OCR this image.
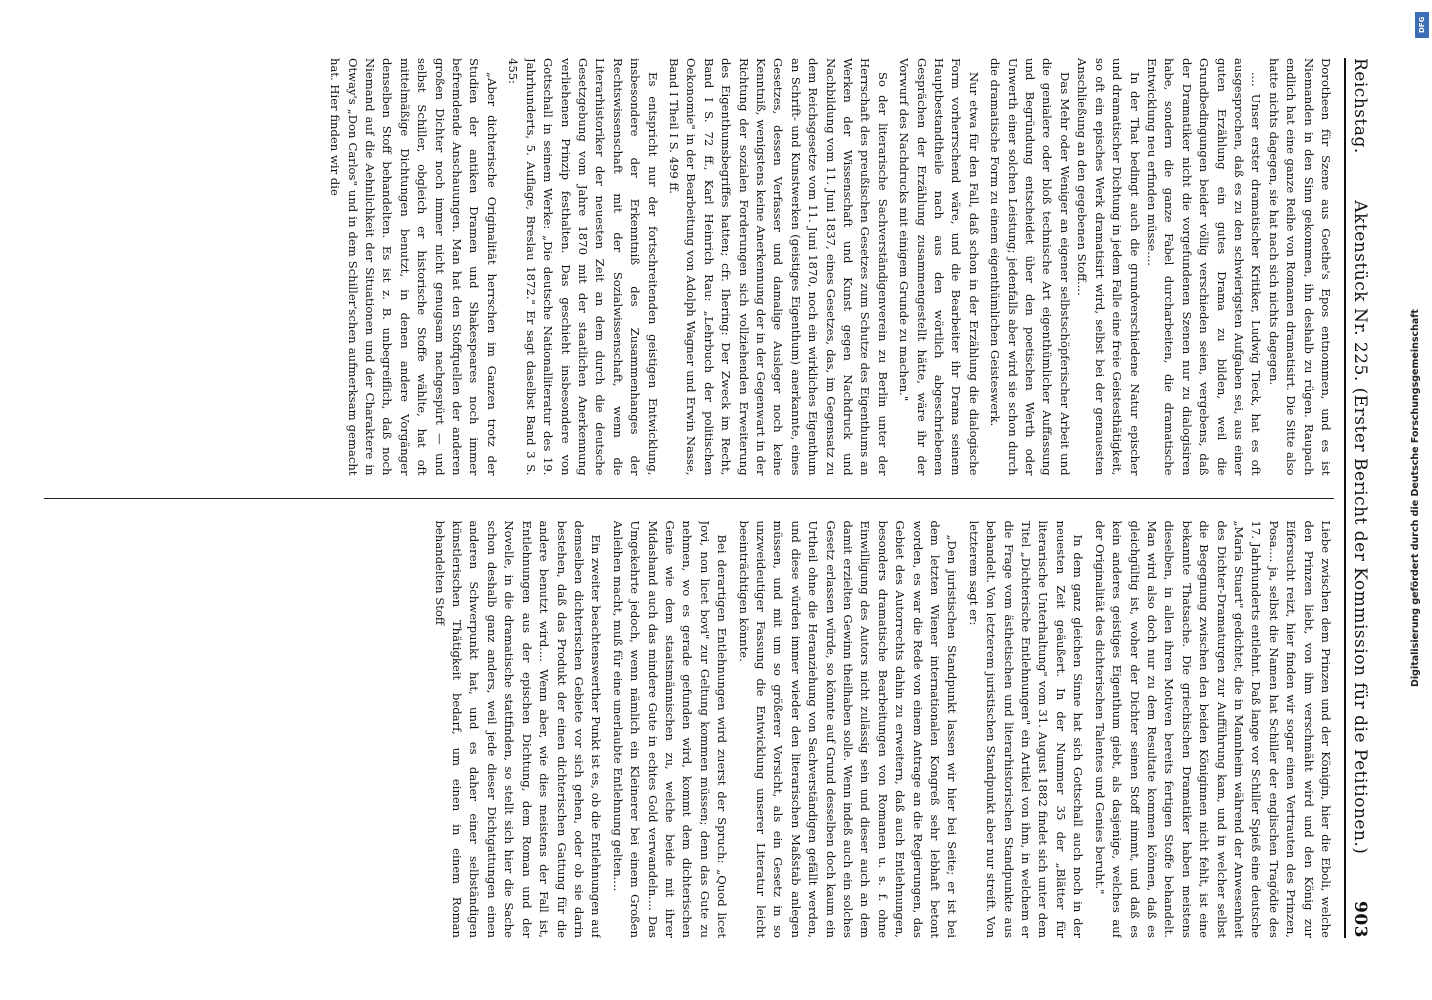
Reichstag.
Aktenstück Nr. 225. (Erster Bericht der Kommission für die Petitionen.)
903

Dorotheen für Szene aus Goethe's Epos entnommen, und es ist Niemanden in den Sinn gekommen, ihn deshalb zu rügen. Raupach endlich hat eine ganze Reihe von Romanen dramatisirt. Die Sitte also hatte nichts dagegen, sie hat nach sich nichts dagegen.

.... Unser erster dramatischer Kritiker, Ludwig Tieck, hat es oft ausgesprochen, daß es zu den schwierigsten Aufgaben sei, aus einer guten Erzählung ein gutes Drama zu bilden, weil die Grundbedingungen beider völlig verschieden seien, vergebens, daß der Dramatiker nicht die vorgefundenen Szenen nur zu dialogisiren habe, sondern die ganze Fabel durcharbeiten, die dramatische Entwicklung neu erfinden müsse....

In der That bedingt auch die grundverschiedene Natur epischer und dramatischer Dichtung in jedem Falle eine freie Geistesthätigkeit, so oft ein episches Werk dramatisirt wird, selbst bei der genauesten Anschließung an den gegebenen Stoff....

Das Mehr oder Weniger an eigener selbstschöpferischer Arbeit und die genialere oder bloß technische Art eigenthümlicher Auffassung und Begründung entscheidet über den poetischen Werth oder Unwerth einer solchen Leistung; jedenfalls aber wird sie schon durch die dramatische Form zu einem eigenthümlichen Geisteswerk.

Nur etwa für den Fall, daß schon in der Erzählung die dialogische Form vorherrschend wäre, und die Bearbeiter ihr Drama seinem Hauptbestandtheile nach aus den wörtlich abgeschriebenen Gesprächen der Erzählung zusammengestellt hätte, wäre ihr der Vorwurf des Nachdrucks mit einigem Grunde zu machen."

So der literarische Sachverständigenverein zu Berlin unter der Herrschaft des preußischen Gesetzes zum Schutze des Eigenthums an Werken der Wissenschaft und Kunst gegen Nachdruck und Nachbildung vom 11. Juni 1837, eines Gesetzes, das, im Gegensatz zu dem Reichsgesetze vom 11. Juni 1870, noch ein wirkliches Eigenthum an Schrift- und Kunstwerken (geistiges Eigenthum) anerkannte, eines Gesetzes, dessen Verfasser und damalige Ausleger noch keine Kenntniß, wenigstens keine Anerkennung der in der Gegenwart in der Richtung der sozialen Forderungen sich vollziehenden Erweiterung des Eigenthumsbegriffes hatten; cfr. Ihering: Der Zweck im Recht, Band I S. 72 ff., Karl Heinrich Rau: „Lehrbuch der politischen Oekonomie" in der Bearbeitung von Adolph Wagner und Erwin Nasse, Band I Theil I S. 499 ff.

Es entspricht nur der fortschreitenden geistigen Entwicklung, insbesondere der Erkenntniß des Zusammenhanges der Rechtswissenschaft mit der Sozialwissenschaft, wenn die Literarhistoriker der neuesten Zeit an dem durch die deutsche Gesetzgebung vom Jahre 1870 mit der staatlichen Anerkennung verliehenen Prinzip festhalten. Das geschieht insbesondere von Gottschall in seinem Werke: „Die deutsche Nationalliteratur des 19. Jahrhunderts, 5. Auflage, Breslau 1872." Er sagt daselbst Band 3 S. 455:

„Aber dichterische Originalität herrschen im Ganzen trotz der Studien der antiken Dramen und Shakespeares noch immer befremdende Anschauungen. Man hat den Stoffquellen der anderen großen Dichter noch immer nicht genugsam nachgespürt — und selbst Schiller, obgleich er historische Stoffe wählte, hat oft mittelmäßige Dichtungen benutzt, in denen andere Vorgänger denselben Stoff behandelten. Es ist z. B. unbegreiflich, daß noch Niemand auf die Aehnlichkeit der Situationen und der Charaktere in Otway's „Don Carlos" und in dem Schiller'schen aufmerksam gemacht hat. Hier finden wir die

Liebe zwischen dem Prinzen und der Königin, hier die Eboli, welche den Prinzen liebt, von ihm verschmäht wird und den König zur Eifersucht reizt, hier finden wir sogar einen Vertrauten des Prinzen, Posa.... ja, selbst die Namen hat Schiller der englischen Tragödie des 17. Jahrhunderts entlehnt. Daß lange vor Schiller Spieß eine deutsche „Maria Stuart" gedichtet, die in Mannheim während der Anwesenheit des Dichter-Dramaturgen zur Aufführung kam, und in welcher selbst die Begegnung zwischen den beiden Königinnen nicht fehlt, ist eine bekannte Thatsache. Die griechischen Dramatiker haben meistens dieselben, in allen ihren Motiven bereits fertigen Stoffe behandelt. Man wird also doch nur zu dem Resultate kommen können, daß es gleichgültig ist, woher der Dichter seinen Stoff nimmt, und daß es kein anderes geistiges Eigenthum giebt, als dasjenige, welches auf der Originalität des dichterischen Talentes und Genies beruht."

In dem ganz gleichen Sinne hat sich Gottschall auch noch in der neuesten Zeit geäußert. In der Nummer 35 der „Blätter für literarische Unterhaltung" vom 31. August 1882 findet sich unter dem Titel „Dichterische Entlehnungen" ein Artikel von ihm, in welchem er die Frage vom ästhetischen und literarhistorischen Standpunkte aus behandelt. Von letzterem juristischen Standpunkt aber nur streift. Von letzterem sagt er:

„Den juristischen Standpunkt lassen wir hier bei Seite; er ist bei dem letzten Wiener internationalen Kongreß sehr lebhaft betont worden, es war die Rede von einem Antrage an die Regierungen, das Gebiet des Autorrechts dahin zu erweitern, daß auch Entlehnungen, besonders dramatische Bearbeitungen von Romanen u. s. f. ohne Einwilligung des Autors nicht zulässig sein und dieser auch an dem damit erzielten Gewinn theilhaben solle. Wenn indeß auch ein solches Gesetz erlassen würde, so könnte auf Grund desselben doch kaum ein Urtheil ohne die Heranziehung von Sachverständigen gefällt werden, und diese würden immer wieder den literarischen Maßstab anlegen müssen, und mit um so größerer Vorsicht, als ein Gesetz in so unzweideutiger Fassung die Entwicklung unserer Literatur leicht beeinträchtigen könnte.

Bei derartigen Entlehnungen wird zuerst der Spruch: „Quod licet Jovi, non licet bovi" zur Geltung kommen müssen; denn das Gute zu nehmen, wo es gerade gefunden wird, kommt dem dichterischen Genie wie dem staatsmännischen zu, welche beide mit ihrer Midashand auch das mindere Gute in echtes Gold verwandeln.... Das Umgekehrte jedoch, wenn nämlich ein Kleinerer bei einem Großen Anleihen macht, muß für eine unerlaubte Entlehnung gelten....

Ein zweiter beachtenswerther Punkt ist es, ob die Entlehnungen auf demselben dichterischen Gebiete vor sich gehen, oder ob sie darin bestehen, daß das Produkt der einen dichterischen Gattung für die andere benutzt wird.... Wenn aber, wie dies meistens der Fall ist, Entlehnungen aus der epischen Dichtung, dem Roman und der Novelle, in die dramatische stattfinden, so stellt sich hier die Sache schon deshalb ganz anders, weil jede dieser Dichtgattungen einen anderen Schwerpunkt hat, und es daher einer selbständigen künstlerischen Thätigkeit bedarf, um einen in einem Roman behandelten Stoff	Digitalisierung gefördert durch die Deutsche Forschungsgemeinschaft
DFG
